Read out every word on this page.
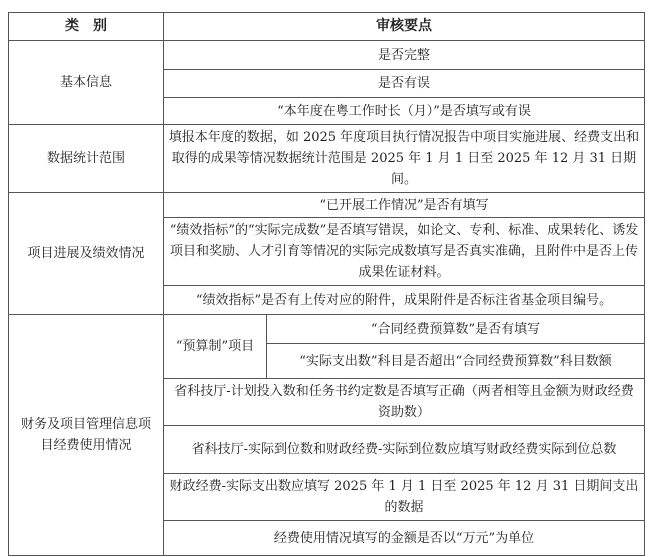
类　别	审核要点	
基本信息	是否完整	
	是否有误	
	“本年度在粤工作时长（月）”是否填写或有误	
数据统计范围	填报本年度的数据，如 2025 年度项目执行情况报告中项目实施进展、经费支出和取得的成果等情况数据统计范围是 2025 年 1 月 1 日至 2025 年 12 月 31 日期间。	
项目进展及绩效情况	“已开展工作情况”是否有填写	
	“绩效指标”的“实际完成数”是否填写错误，如论文、专利、标准、成果转化、诱发项目和奖励、人才引育等情况的实际完成数填写是否真实准确，且附件中是否上传成果佐证材料。	
	“绩效指标”是否有上传对应的附件，成果附件是否标注省基金项目编号。	
财务及项目管理信息项目经费使用情况	“预算制”项目	“合同经费预算数”是否有填写
		“实际支出数”科目是否超出“合同经费预算数”科目数额
	省科技厅-计划投入数和任务书约定数是否填写正确（两者相等且金额为财政经费资助数）	
	省科技厅-实际到位数和财政经费-实际到位数应填写财政经费实际到位总数	
	财政经费-实际支出数应填写 2025 年 1 月 1 日至 2025 年 12 月 31 日期间支出的数据	
	经费使用情况填写的金额是否以“万元”为单位	
